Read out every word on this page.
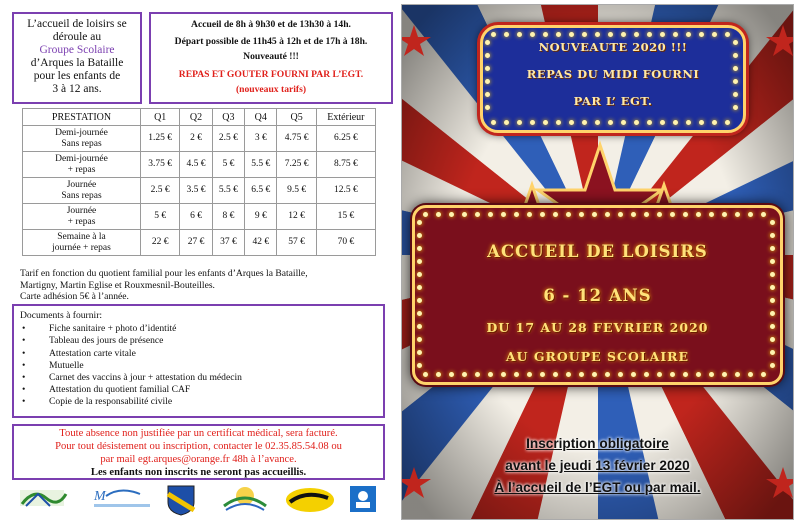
L’accueil de loisirs se
déroule au
Groupe Scolaire
d’Arques la Bataille
pour les enfants de
3 à 12 ans.
Accueil de 8h à 9h30 et de 13h30 à 14h.
Départ possible de 11h45 à 12h et de 17h à 18h.
Nouveauté !!!
REPAS ET GOUTER FOURNI PAR L’EGT.
(nouveaux tarifs)
PRESTATION	Q1	Q2	Q3	Q4	Q5	Extérieur

Demi-journée
Sans repas	1.25 €	2 €	2.5 €	3 €	4.75 €	6.25 €

Demi-journée
+ repas	3.75 €	4.5 €	5 €	5.5 €	7.25 €	8.75 €

Journée
Sans repas	2.5 €	3.5 €	5.5 €	6.5 €	9.5 €	12.5 €

Journée
+ repas	5 €	6 €	8 €	9 €	12 €	15 €

Semaine à la
journée + repas	22 €	27 €	37 €	42 €	57 €	70 €
Tarif en fonction du quotient familial pour les enfants d’Arques la Bataille,
Martigny, Martin Eglise et Rouxmesnil-Bouteilles.
Carte adhésion 5€ à l’année.
Documents à fournir:
• Fiche sanitaire + photo d’identité
• Tableau des jours de présence
• Attestation carte vitale
• Mutuelle
• Carnet des vaccins à jour + attestation du médecin
• Attestation du quotient familial CAF
• Copie de la responsabilité civile
Toute absence non justifiée par un certificat médical, sera facturé.
Pour tout désistement ou inscription, contacter le 02.35.85.54.08 ou
par mail egt.arques@orange.fr 48h à l’avance.
Les enfants non inscrits ne seront pas accueillis.
M
NOUVEAUTE 2020 !!!
REPAS DU MIDI FOURNI
PAR L’ EGT.
ACCUEIL DE LOISIRS
6 - 12 ANS
DU 17 AU 28 FEVRIER 2020
AU GROUPE SCOLAIRE
Inscription obligatoire
avant le jeudi 13 février 2020
À l’accueil de l’EGT ou par mail.
